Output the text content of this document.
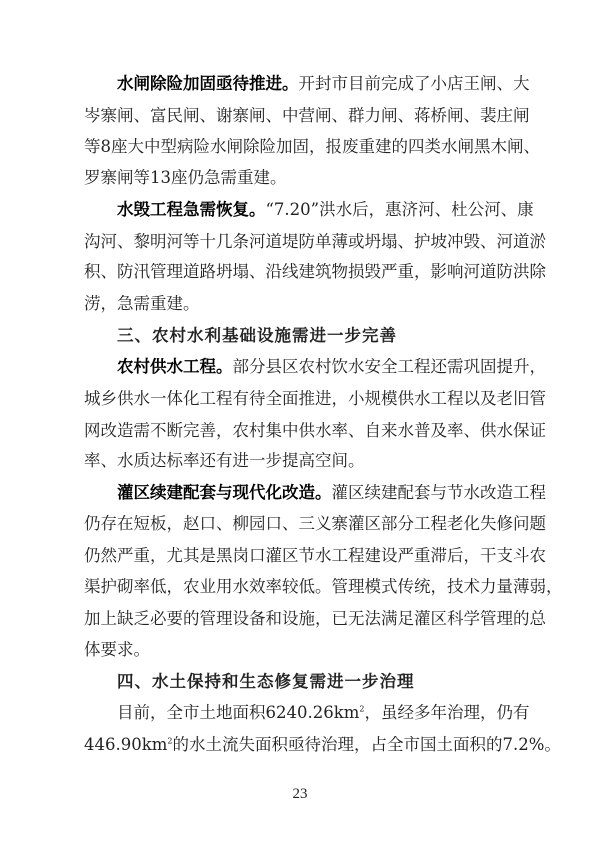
水闸除险加固亟待推进。开封市目前完成了小店王闸、大
岑寨闸、富民闸、谢寨闸、中营闸、群力闸、蒋桥闸、裴庄闸
等8座大中型病险水闸除险加固，报废重建的四类水闸黑木闸、
罗寨闸等13座仍急需重建。
水毁工程急需恢复。“7.20”洪水后，惠济河、杜公河、康
沟河、黎明河等十几条河道堤防单薄或坍塌、护坡冲毁、河道淤
积、防汛管理道路坍塌、沿线建筑物损毁严重，影响河道防洪除
涝，急需重建。
三、农村水利基础设施需进一步完善
农村供水工程。部分县区农村饮水安全工程还需巩固提升，
城乡供水一体化工程有待全面推进，小规模供水工程以及老旧管
网改造需不断完善，农村集中供水率、自来水普及率、供水保证
率、水质达标率还有进一步提高空间。
灌区续建配套与现代化改造。灌区续建配套与节水改造工程
仍存在短板，赵口、柳园口、三义寨灌区部分工程老化失修问题
仍然严重，尤其是黑岗口灌区节水工程建设严重滞后，干支斗农
渠护砌率低，农业用水效率较低。管理模式传统，技术力量薄弱，
加上缺乏必要的管理设备和设施，已无法满足灌区科学管理的总
体要求。
四、水土保持和生态修复需进一步治理
目前，全市土地面积$6240.26km^2$，虽经多年治理，仍有
$446.90km^2$的水土流失面积亟待治理，占全市国土面积的7.2%。
23
